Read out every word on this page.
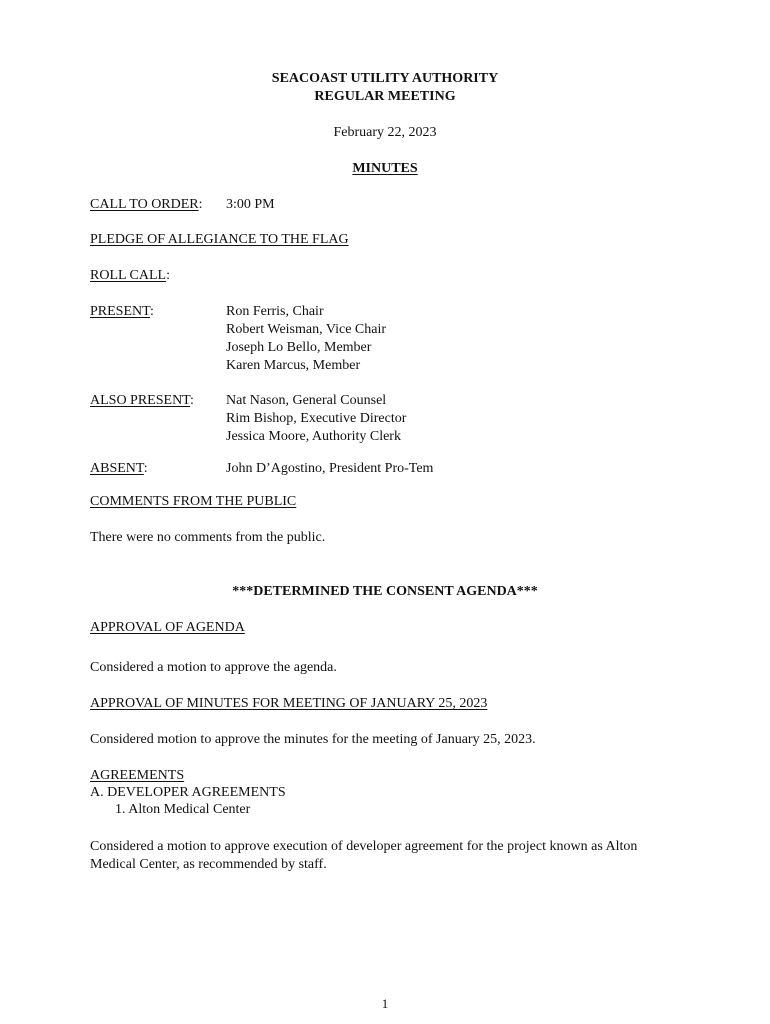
SEACOAST UTILITY AUTHORITY
REGULAR MEETING
February 22, 2023
MINUTES
CALL TO ORDER: 3:00 PM
PLEDGE OF ALLEGIANCE TO THE FLAG
ROLL CALL:
PRESENT:	Ron Ferris, Chair
Robert Weisman, Vice Chair
Joseph Lo Bello, Member
Karen Marcus, Member
ALSO PRESENT: Nat Nason, General Counsel
Rim Bishop, Executive Director
Jessica Moore, Authority Clerk
ABSENT:	John D’Agostino, President Pro-Tem
COMMENTS FROM THE PUBLIC
There were no comments from the public.
***DETERMINED THE CONSENT AGENDA***
APPROVAL OF AGENDA
Considered a motion to approve the agenda.
APPROVAL OF MINUTES FOR MEETING OF JANUARY 25, 2023
Considered motion to approve the minutes for the meeting of January 25, 2023.
AGREEMENTS
A. DEVELOPER AGREEMENTS
1. Alton Medical Center
Considered a motion to approve execution of developer agreement for the project known as Alton
Medical Center, as recommended by staff.
1
